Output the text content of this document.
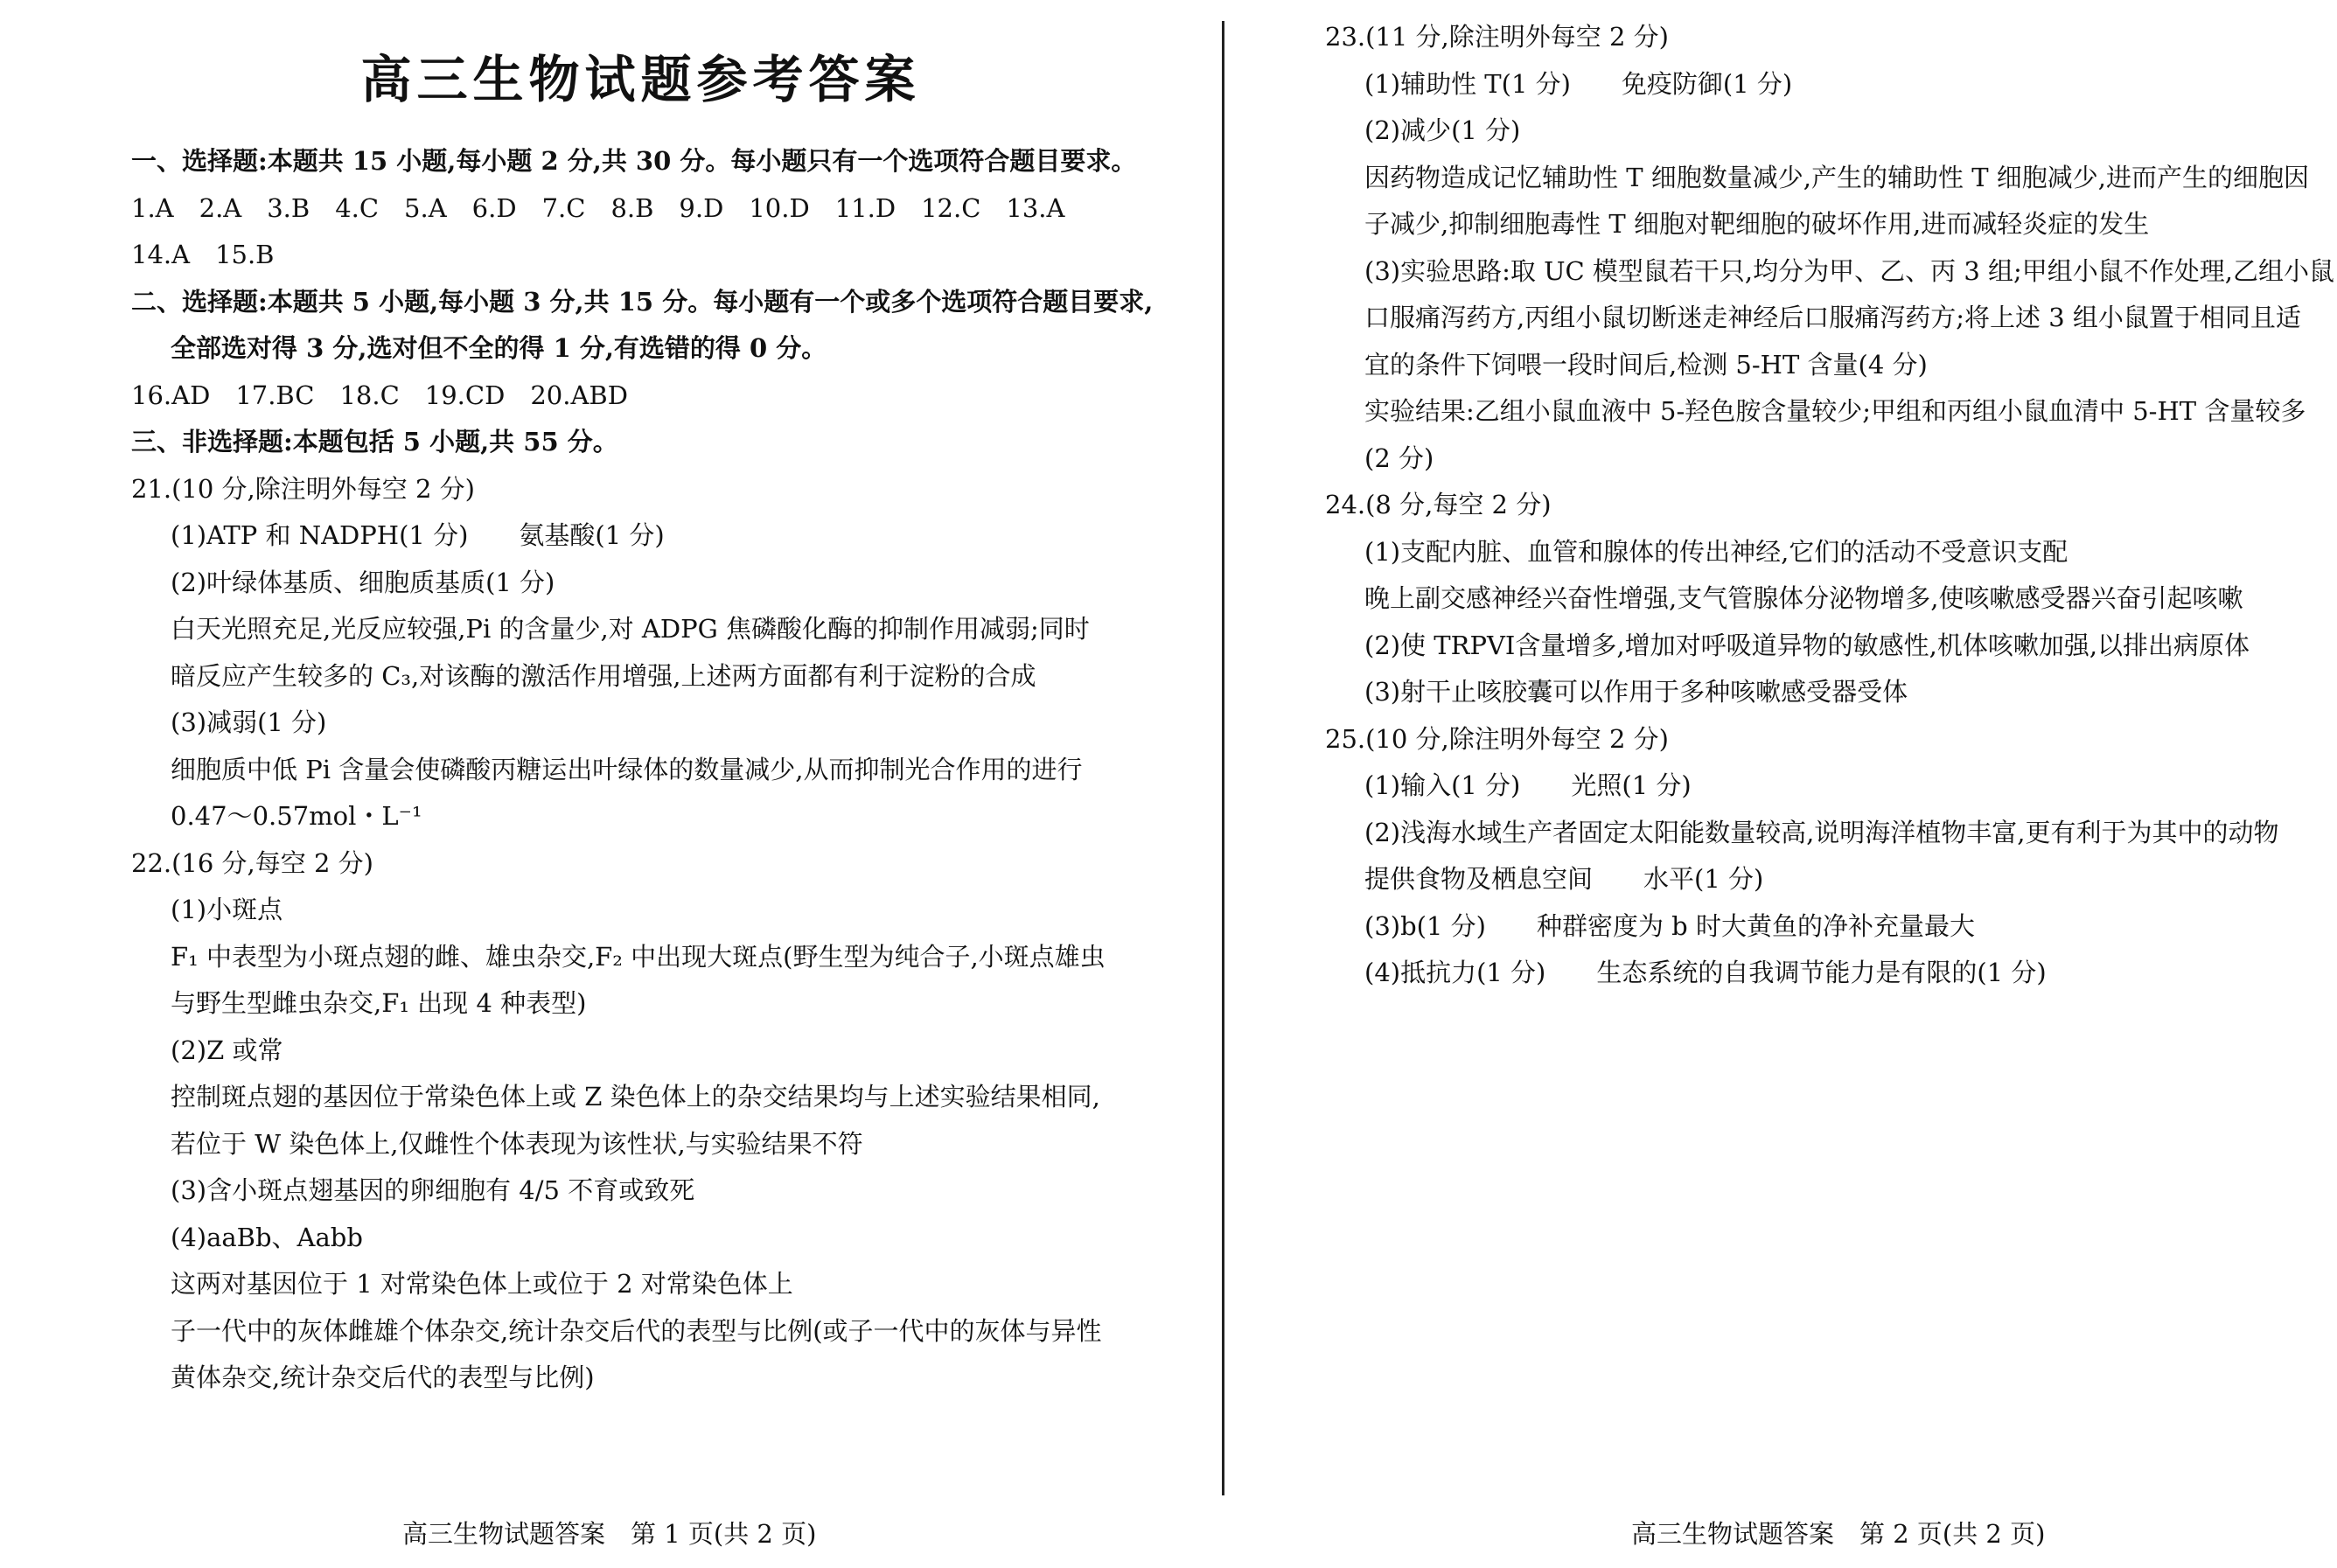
高三生物试题参考答案
一、选择题:本题共 15 小题,每小题 2 分,共 30 分。每小题只有一个选项符合题目要求。
1.A　2.A　3.B　4.C　5.A　6.D　7.C　8.B　9.D　10.D　11.D　12.C　13.A
14.A　15.B
二、选择题:本题共 5 小题,每小题 3 分,共 15 分。每小题有一个或多个选项符合题目要求,
全部选对得 3 分,选对但不全的得 1 分,有选错的得 0 分。
16.AD　17.BC　18.C　19.CD　20.ABD
三、非选择题:本题包括 5 小题,共 55 分。
21.(10 分,除注明外每空 2 分)
(1)ATP 和 NADPH(1 分)　　氨基酸(1 分)
(2)叶绿体基质、细胞质基质(1 分)
白天光照充足,光反应较强,Pi 的含量少,对 ADPG 焦磷酸化酶的抑制作用减弱;同时
暗反应产生较多的 C₃,对该酶的激活作用增强,上述两方面都有利于淀粉的合成
(3)减弱(1 分)
细胞质中低 Pi 含量会使磷酸丙糖运出叶绿体的数量减少,从而抑制光合作用的进行
0.47～0.57mol・L⁻¹
22.(16 分,每空 2 分)
(1)小斑点
F₁ 中表型为小斑点翅的雌、雄虫杂交,F₂ 中出现大斑点(野生型为纯合子,小斑点雄虫
与野生型雌虫杂交,F₁ 出现 4 种表型)
(2)Z 或常
控制斑点翅的基因位于常染色体上或 Z 染色体上的杂交结果均与上述实验结果相同,
若位于 W 染色体上,仅雌性个体表现为该性状,与实验结果不符
(3)含小斑点翅基因的卵细胞有 4/5 不育或致死
(4)aaBb、Aabb
这两对基因位于 1 对常染色体上或位于 2 对常染色体上
子一代中的灰体雌雄个体杂交,统计杂交后代的表型与比例(或子一代中的灰体与异性
黄体杂交,统计杂交后代的表型与比例)
23.(11 分,除注明外每空 2 分)
(1)辅助性 T(1 分)　　免疫防御(1 分)
(2)减少(1 分)
因药物造成记忆辅助性 T 细胞数量减少,产生的辅助性 T 细胞减少,进而产生的细胞因
子减少,抑制细胞毒性 T 细胞对靶细胞的破坏作用,进而减轻炎症的发生
(3)实验思路:取 UC 模型鼠若干只,均分为甲、乙、丙 3 组;甲组小鼠不作处理,乙组小鼠
口服痛泻药方,丙组小鼠切断迷走神经后口服痛泻药方;将上述 3 组小鼠置于相同且适
宜的条件下饲喂一段时间后,检测 5-HT 含量(4 分)
实验结果:乙组小鼠血液中 5-羟色胺含量较少;甲组和丙组小鼠血清中 5-HT 含量较多
(2 分)
24.(8 分,每空 2 分)
(1)支配内脏、血管和腺体的传出神经,它们的活动不受意识支配
晚上副交感神经兴奋性增强,支气管腺体分泌物增多,使咳嗽感受器兴奋引起咳嗽
(2)使 TRPVⅠ含量增多,增加对呼吸道异物的敏感性,机体咳嗽加强,以排出病原体
(3)射干止咳胶囊可以作用于多种咳嗽感受器受体
25.(10 分,除注明外每空 2 分)
(1)输入(1 分)　　光照(1 分)
(2)浅海水域生产者固定太阳能数量较高,说明海洋植物丰富,更有利于为其中的动物
提供食物及栖息空间　　水平(1 分)
(3)b(1 分)　　种群密度为 b 时大黄鱼的净补充量最大
(4)抵抗力(1 分)　　生态系统的自我调节能力是有限的(1 分)
高三生物试题答案　第 1 页(共 2 页)	高三生物试题答案　第 2 页(共 2 页)
